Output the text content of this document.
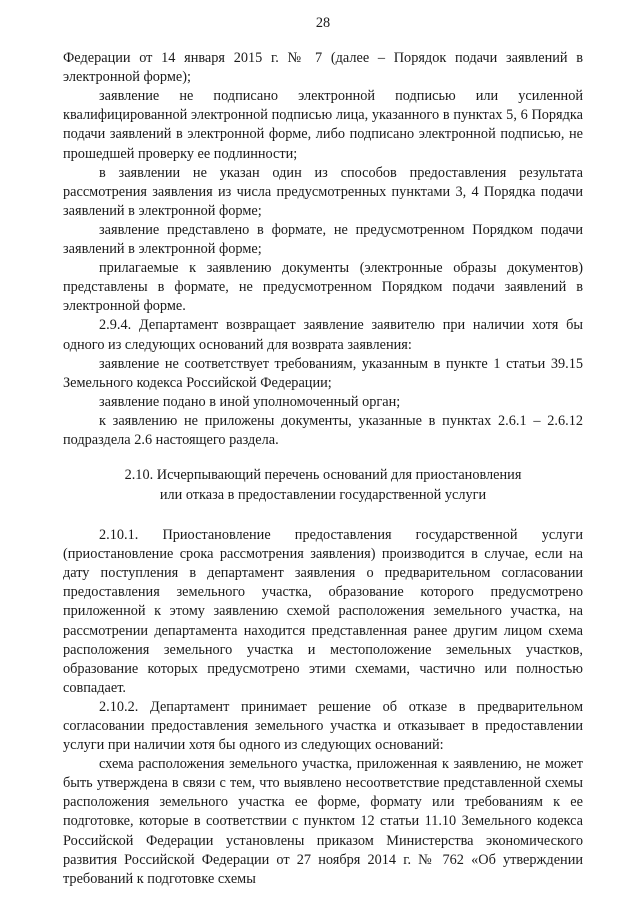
28

Федерации от 14 января 2015 г. № 7 (далее – Порядок подачи заявлений в электронной форме);

заявление не подписано электронной подписью или усиленной квалифицированной электронной подписью лица, указанного в пунктах 5, 6 Порядка подачи заявлений в электронной форме, либо подписано электронной подписью, не прошедшей проверку ее подлинности;

в заявлении не указан один из способов предоставления результата рассмотрения заявления из числа предусмотренных пунктами 3, 4 Порядка подачи заявлений в электронной форме;

заявление представлено в формате, не предусмотренном Порядком подачи заявлений в электронной форме;

прилагаемые к заявлению документы (электронные образы документов) представлены в формате, не предусмотренном Порядком подачи заявлений в электронной форме.

2.9.4. Департамент возвращает заявление заявителю при наличии хотя бы одного из следующих оснований для возврата заявления:

заявление не соответствует требованиям, указанным в пункте 1 статьи 39.15 Земельного кодекса Российской Федерации;

заявление подано в иной уполномоченный орган;

к заявлению не приложены документы, указанные в пунктах 2.6.1 – 2.6.12 подраздела 2.6 настоящего раздела.

2.10. Исчерпывающий перечень оснований для приостановления
или отказа в предоставлении государственной услуги

2.10.1. Приостановление предоставления государственной услуги (приостановление срока рассмотрения заявления) производится в случае, если на дату поступления в департамент заявления о предварительном согласовании предоставления земельного участка, образование которого предусмотрено приложенной к этому заявлению схемой расположения земельного участка, на рассмотрении департамента находится представленная ранее другим лицом схема расположения земельного участка и местоположение земельных участков, образование которых предусмотрено этими схемами, частично или полностью совпадает.

2.10.2. Департамент принимает решение об отказе в предварительном согласовании предоставления земельного участка и отказывает в предоставлении услуги при наличии хотя бы одного из следующих оснований:

схема расположения земельного участка, приложенная к заявлению, не может быть утверждена в связи с тем, что выявлено несоответствие представленной схемы расположения земельного участка ее форме, формату или требованиям к ее подготовке, которые в соответствии с пунктом 12 статьи 11.10 Земельного кодекса Российской Федерации установлены приказом Министерства экономического развития Российской Федерации от 27 ноября 2014 г. № 762 «Об утверждении требований к подготовке схемы
